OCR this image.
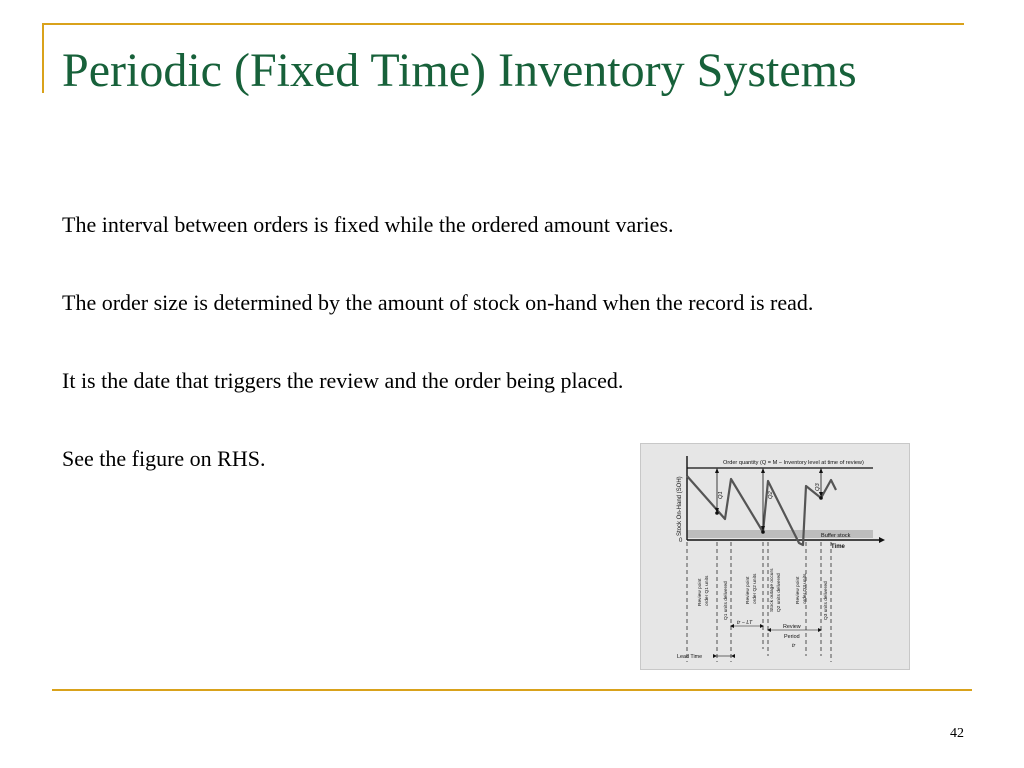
Periodic (Fixed Time) Inventory Systems

The interval between orders is fixed while the ordered amount varies.

The order size is determined by the amount of stock on-hand when the record is read.

It is the date that triggers the review and the order being placed.

See the figure on RHS.	Order quantity (Q = M − Inventory level at time of review)
Stock On-Hand (SOH)
0
Time
Buffer stock
Q1	Q2
Q3
Review point order Q1 units	Q1 units delivered	Review point order Q2 units	Stock outage occurs Q2 units delivered	Review point order Q3 units	Q3 units delivered
tr − LT
Review
Period
tr
Lead Time
42
